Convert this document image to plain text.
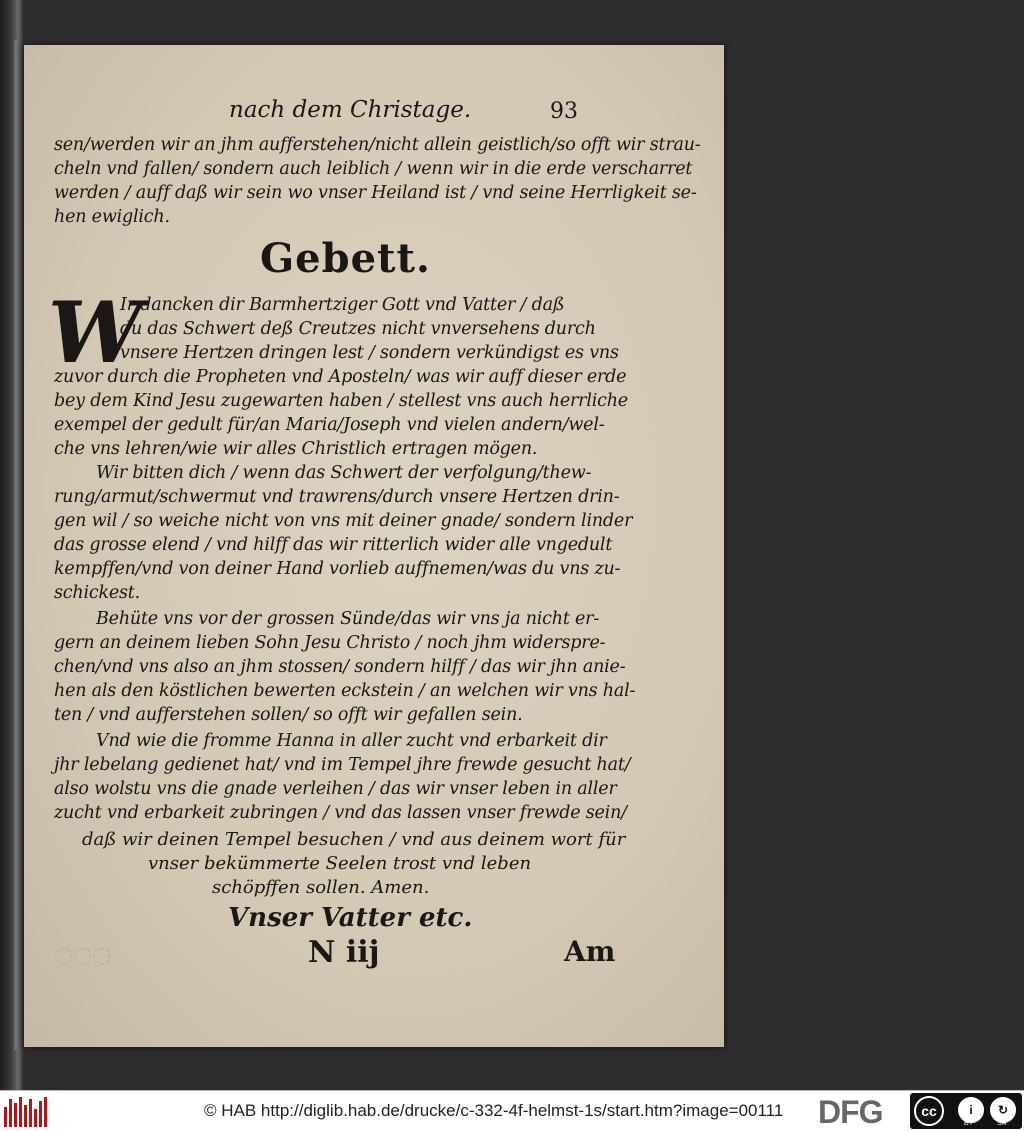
nach dem Christage.	93
sen/werden wir an jhm aufferstehen/nicht allein geistlich/so offt wir strau-
cheln vnd fallen/ sondern auch leiblich / wenn wir in die erde verscharret
werden / auff daß wir sein wo vnser Heiland ist / vnd seine Herrligkeit se-
hen ewiglich.
Gebett.
W
Ir dancken dir Barmhertziger Gott vnd Vatter / daß
du das Schwert deß Creutzes nicht vnversehens durch
vnsere Hertzen dringen lest / sondern verkündigst es vns
zuvor durch die Propheten vnd Aposteln/ was wir auff dieser erde
bey dem Kind Jesu zugewarten haben / stellest vns auch herrliche
exempel der gedult für/an Maria/Joseph vnd vielen andern/wel-
che vns lehren/wie wir alles Christlich ertragen mögen.
Wir bitten dich / wenn das Schwert der verfolgung/thew-
rung/armut/schwermut vnd trawrens/durch vnsere Hertzen drin-
gen wil / so weiche nicht von vns mit deiner gnade/ sondern linder
das grosse elend / vnd hilff das wir ritterlich wider alle vngedult
kempffen/vnd von deiner Hand vorlieb auffnemen/was du vns zu-
schickest.
Behüte vns vor der grossen Sünde/das wir vns ja nicht er-
gern an deinem lieben Sohn Jesu Christo / noch jhm widerspre-
chen/vnd vns also an jhm stossen/ sondern hilff / das wir jhn anie-
hen als den köstlichen bewerten eckstein / an welchen wir vns hal-
ten / vnd aufferstehen sollen/ so offt wir gefallen sein.
Vnd wie die fromme Hanna in aller zucht vnd erbarkeit dir
jhr lebelang gedienet hat/ vnd im Tempel jhre frewde gesucht hat/
also wolstu vns die gnade verleihen / das wir vnser leben in aller
zucht vnd erbarkeit zubringen / vnd das lassen vnser frewde sein/
daß wir deinen Tempel besuchen / vnd aus deinem wort für
vnser bekümmerte Seelen trost vnd leben
schöpffen sollen. Amen.
Vnser Vatter etc.
◌◌◌	N iij	Am
© HAB http://diglib.hab.de/drucke/c-332-4f-helmst-1s/start.htm?image=00111 DFG	cc	i	↻
BY	SA
